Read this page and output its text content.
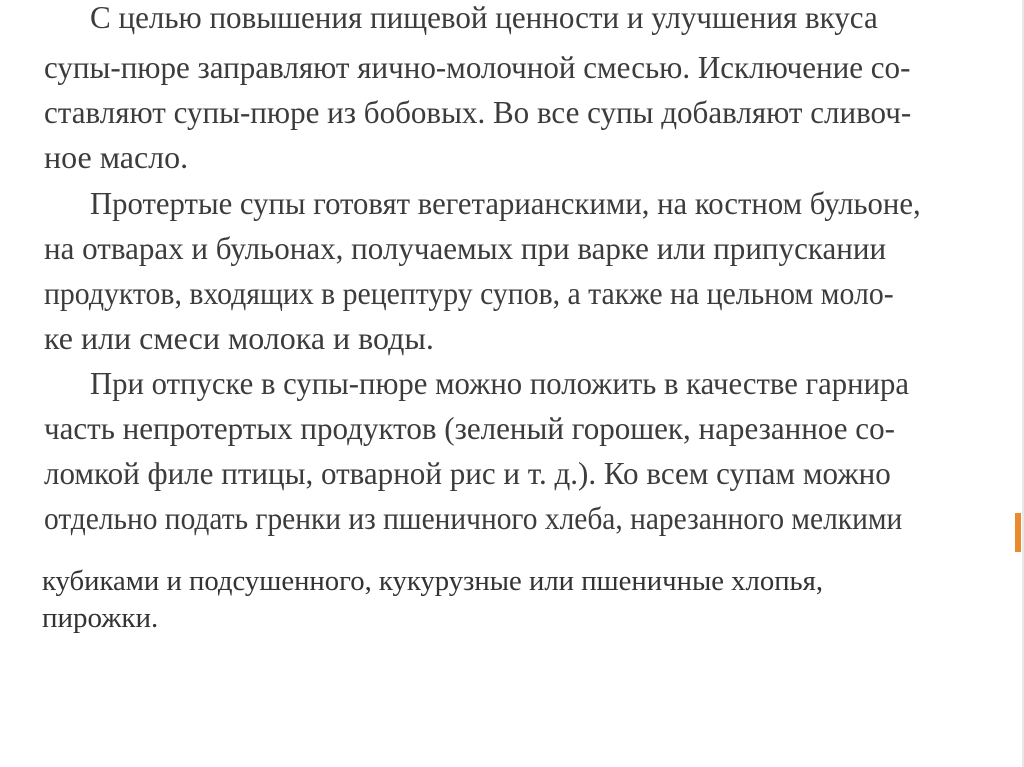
С целью повышения пищевой ценности и улучшения вкуса
супы-пюре заправляют яично-молочной смесью. Исключение со-
ставляют супы-пюре из бобовых. Во все супы добавляют сливоч-
ное масло.
Протертые супы готовят вегетарианскими, на костном бульоне,
на отварах и бульонах, получаемых при варке или припускании
продуктов, входящих в рецептуру супов, а также на цельном моло-
ке или смеси молока и воды.
При отпуске в супы-пюре можно положить в качестве гарнира
часть непротертых продуктов (зеленый горошек, нарезанное со-
ломкой филе птицы, отварной рис и т. д.). Ко всем супам можно
отдельно подать гренки из пшеничного хлеба, нарезанного мелкими
кубиками и подсушенного, кукурузные или пшеничные хлопья,
пирожки.
